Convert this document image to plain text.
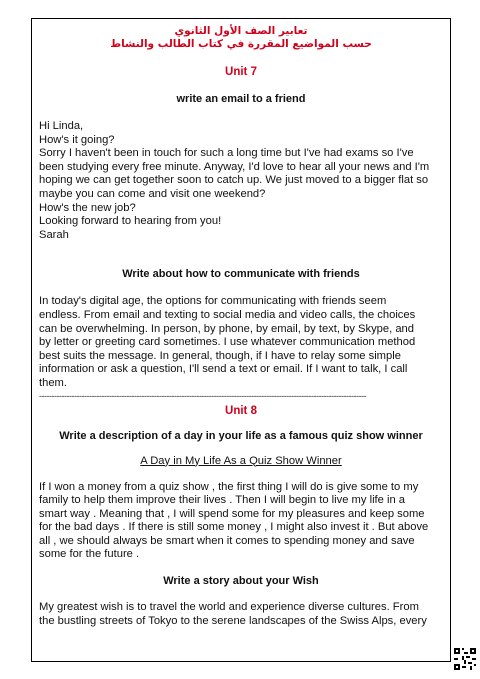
تعابير الصف الأول الثانوي
حسب المواضيع المقررة في كتاب الطالب والنشاط
Unit 7
write an email to a friend
Hi Linda,
How's it going?
Sorry I haven't been in touch for such a long time but I've had exams so I've
been studying every free minute. Anyway, I'd love to hear all your news and I'm
hoping we can get together soon to catch up. We just moved to a bigger flat so
maybe you can come and visit one weekend?
How's the new job?
Looking forward to hearing from you!
Sarah
Write about how to communicate with friends
In today's digital age, the options for communicating with friends seem
endless. From email and texting to social media and video calls, the choices
can be overwhelming. In person, by phone, by email, by text, by Skype, and
by letter or greeting card sometimes. I use whatever communication method
best suits the message. In general, though, if I have to relay some simple
information or ask a question, I'll send a text or email. If I want to talk, I call
them.
-----------------------------------------------------------------------------------------------------------------------------------
Unit 8
Write a description of a day in your life as a famous quiz show winner
A Day in My Life As a Quiz Show Winner
If I won a money from a quiz show , the first thing I will do is give some to my
family to help them improve their lives . Then I will begin to live my life in a
smart way . Meaning that , I will spend some for my pleasures and keep some
for the bad days . If there is still some money , I might also invest it . But above
all , we should always be smart when it comes to spending money and save
some for the future .
Write a story about your Wish
My greatest wish is to travel the world and experience diverse cultures. From
the bustling streets of Tokyo to the serene landscapes of the Swiss Alps, every
